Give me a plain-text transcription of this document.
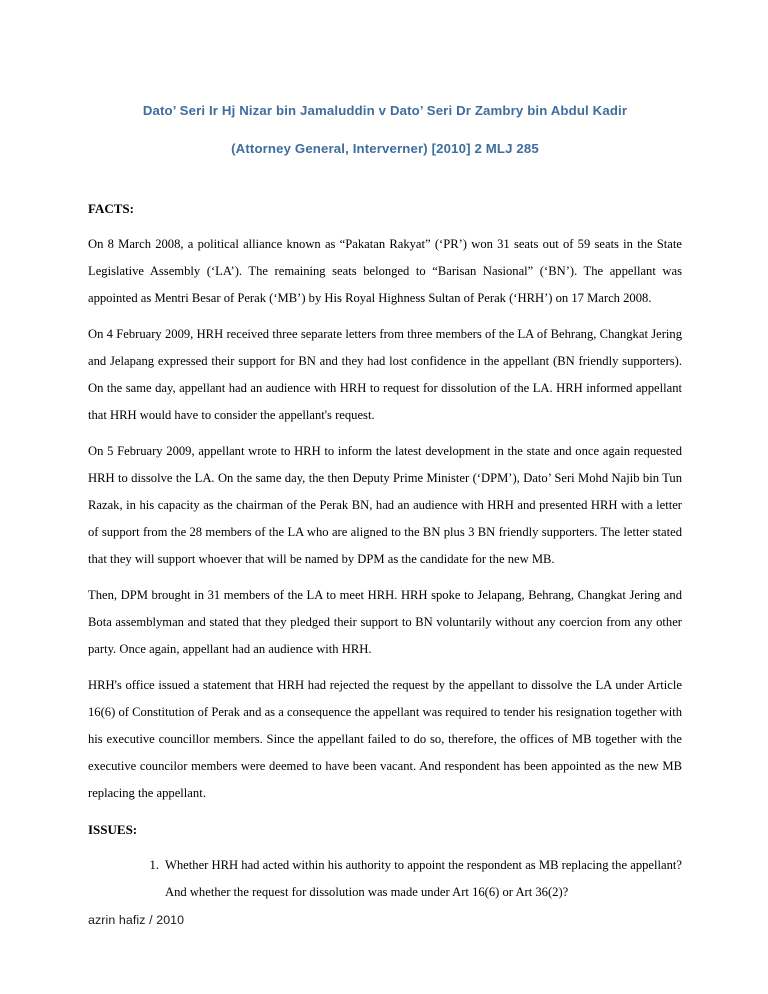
Dato’ Seri Ir Hj Nizar bin Jamaluddin v Dato’ Seri Dr Zambry bin Abdul Kadir
(Attorney General, Interverner) [2010] 2 MLJ 285
FACTS:

On 8 March 2008, a political alliance known as “Pakatan Rakyat” (‘PR’) won 31 seats out of 59 seats in the State Legislative Assembly (‘LA’). The remaining seats belonged to “Barisan Nasional” (‘BN’). The appellant was appointed as Mentri Besar of Perak (‘MB’) by His Royal Highness Sultan of Perak (‘HRH’) on 17 March 2008.

On 4 February 2009, HRH received three separate letters from three members of the LA of Behrang, Changkat Jering and Jelapang expressed their support for BN and they had lost confidence in the appellant (BN friendly supporters). On the same day, appellant had an audience with HRH to request for dissolution of the LA. HRH informed appellant that HRH would have to consider the appellant's request.

On 5 February 2009, appellant wrote to HRH to inform the latest development in the state and once again requested HRH to dissolve the LA. On the same day, the then Deputy Prime Minister (‘DPM’), Dato’ Seri Mohd Najib bin Tun Razak, in his capacity as the chairman of the Perak BN, had an audience with HRH and presented HRH with a letter of support from the 28 members of the LA who are aligned to the BN plus 3 BN friendly supporters. The letter stated that they will support whoever that will be named by DPM as the candidate for the new MB.

Then, DPM brought in 31 members of the LA to meet HRH. HRH spoke to Jelapang, Behrang, Changkat Jering and Bota assemblyman and stated that they pledged their support to BN voluntarily without any coercion from any other party. Once again, appellant had an audience with HRH.

HRH's office issued a statement that HRH had rejected the request by the appellant to dissolve the LA under Article 16(6) of Constitution of Perak and as a consequence the appellant was required to tender his resignation together with his executive councillor members. Since the appellant failed to do so, therefore, the offices of MB together with the executive councilor members were deemed to have been vacant. And respondent has been appointed as the new MB replacing the appellant.

ISSUES:
1. Whether HRH had acted within his authority to appoint the respondent as MB replacing the appellant? And whether the request for dissolution was made under Art 16(6) or Art 36(2)?
azrin hafiz / 2010
